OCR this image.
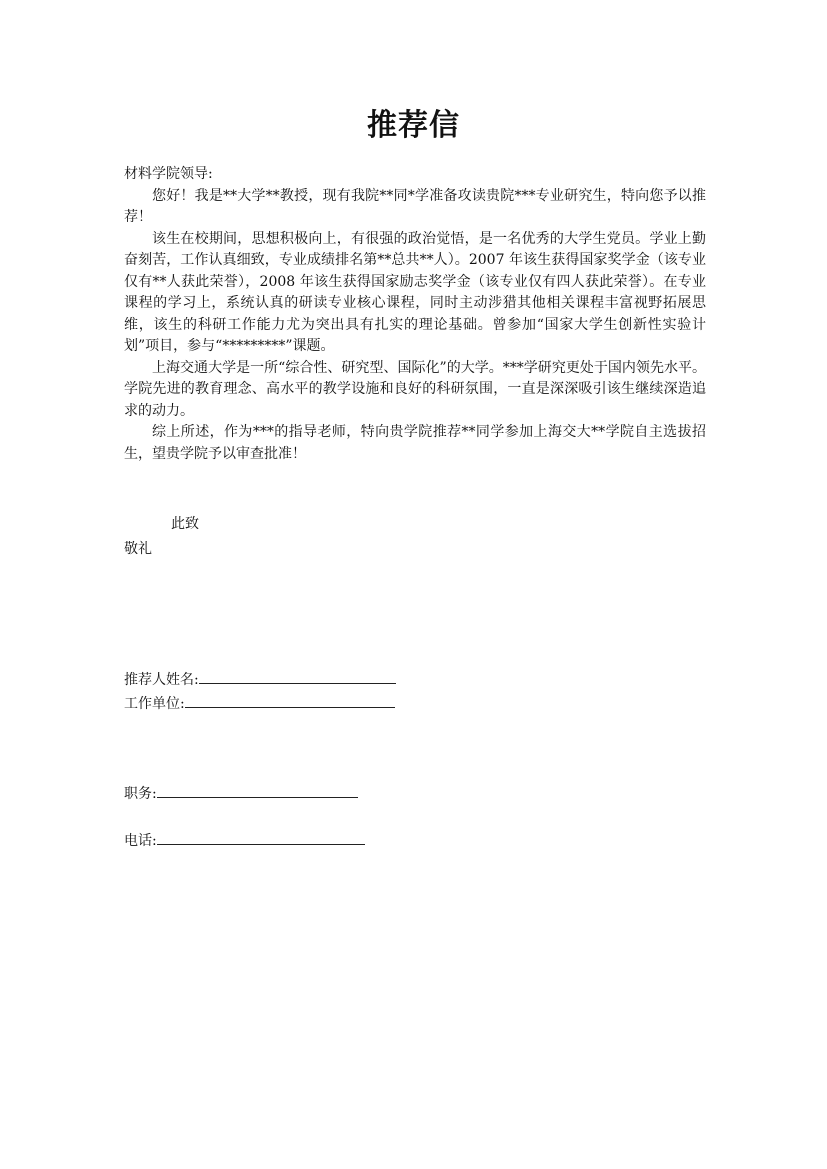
推荐信

材料学院领导:

您好！我是**大学**教授，现有我院**同*学准备攻读贵院***专业研究生，特向您予以推荐！

该生在校期间，思想积极向上，有很强的政治觉悟，是一名优秀的大学生党员。学业上勤奋刻苦，工作认真细致，专业成绩排名第**总共**人）。2007 年该生获得国家奖学金（该专业仅有**人获此荣誉），2008 年该生获得国家励志奖学金（该专业仅有四人获此荣誉）。在专业课程的学习上，系统认真的研读专业核心课程，同时主动涉猎其他相关课程丰富视野拓展思维，该生的科研工作能力尤为突出具有扎实的理论基础。曾参加“国家大学生创新性实验计划”项目，参与“*********”课题。

上海交通大学是一所“综合性、研究型、国际化”的大学。***学研究更处于国内领先水平。学院先进的教育理念、高水平的教学设施和良好的科研氛围，一直是深深吸引该生继续深造追求的动力。

综上所述，作为***的指导老师，特向贵学院推荐**同学参加上海交大**学院自主选拔招生，望贵学院予以审查批准！

此致
敬礼
推荐人姓名:
工作单位:
职务:
电话:
